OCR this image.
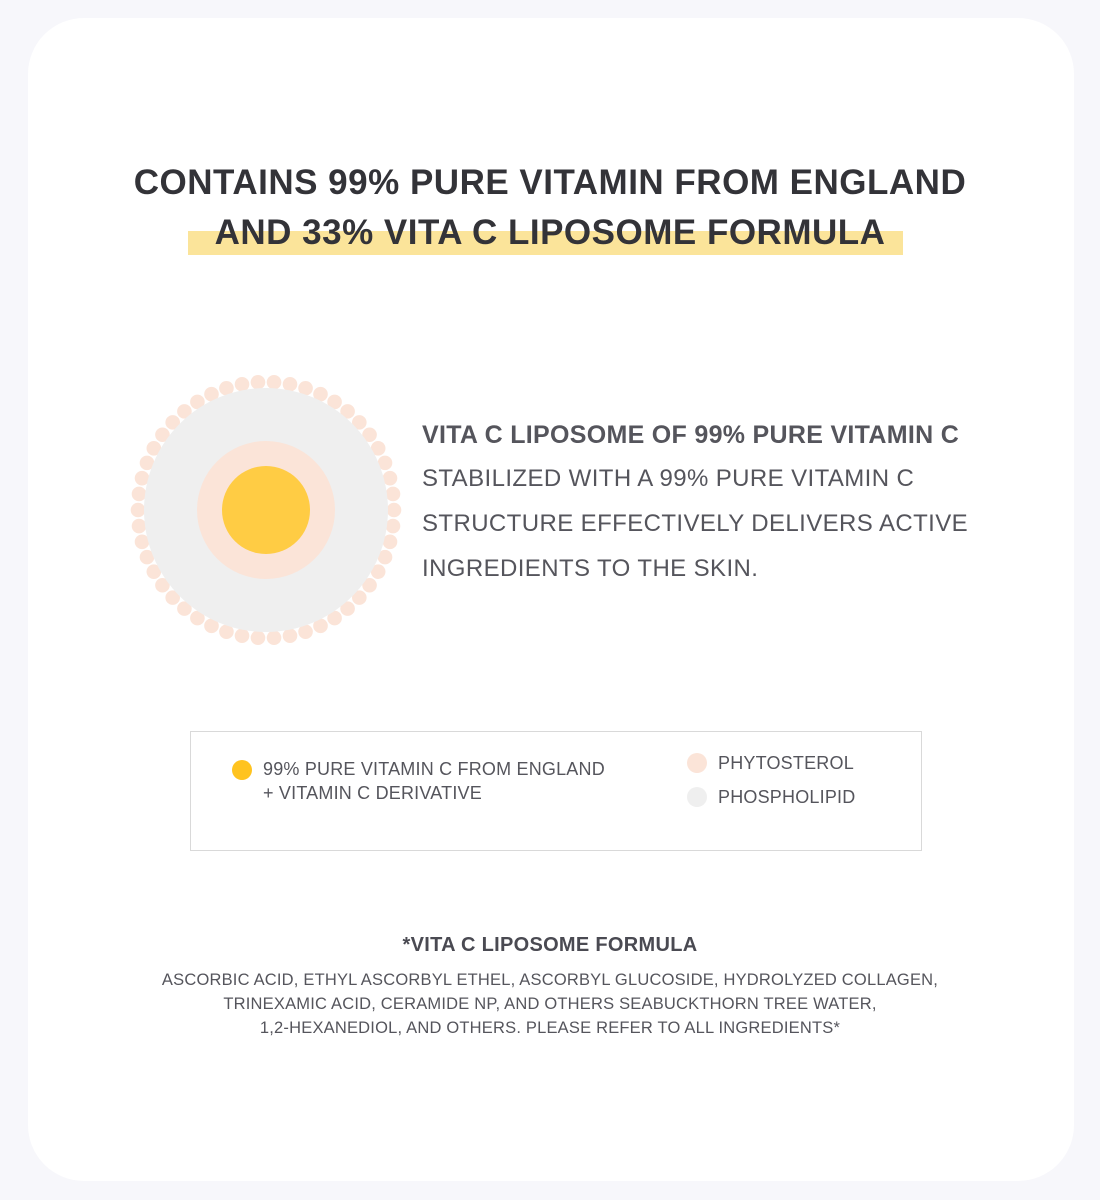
CONTAINS 99% PURE VITAMIN FROM ENGLAND
AND 33% VITA C LIPOSOME FORMULA
VITA C LIPOSOME OF 99% PURE VITAMIN C
STABILIZED WITH A 99% PURE VITAMIN C
STRUCTURE EFFECTIVELY DELIVERS ACTIVE
INGREDIENTS TO THE SKIN.
99% PURE VITAMIN C FROM ENGLAND
+ VITAMIN C DERIVATIVE
PHYTOSTEROL
PHOSPHOLIPID
*VITA C LIPOSOME FORMULA
ASCORBIC ACID, ETHYL ASCORBYL ETHEL, ASCORBYL GLUCOSIDE, HYDROLYZED COLLAGEN,
TRINEXAMIC ACID, CERAMIDE NP, AND OTHERS SEABUCKTHORN TREE WATER,
1,2-HEXANEDIOL, AND OTHERS. PLEASE REFER TO ALL INGREDIENTS*
